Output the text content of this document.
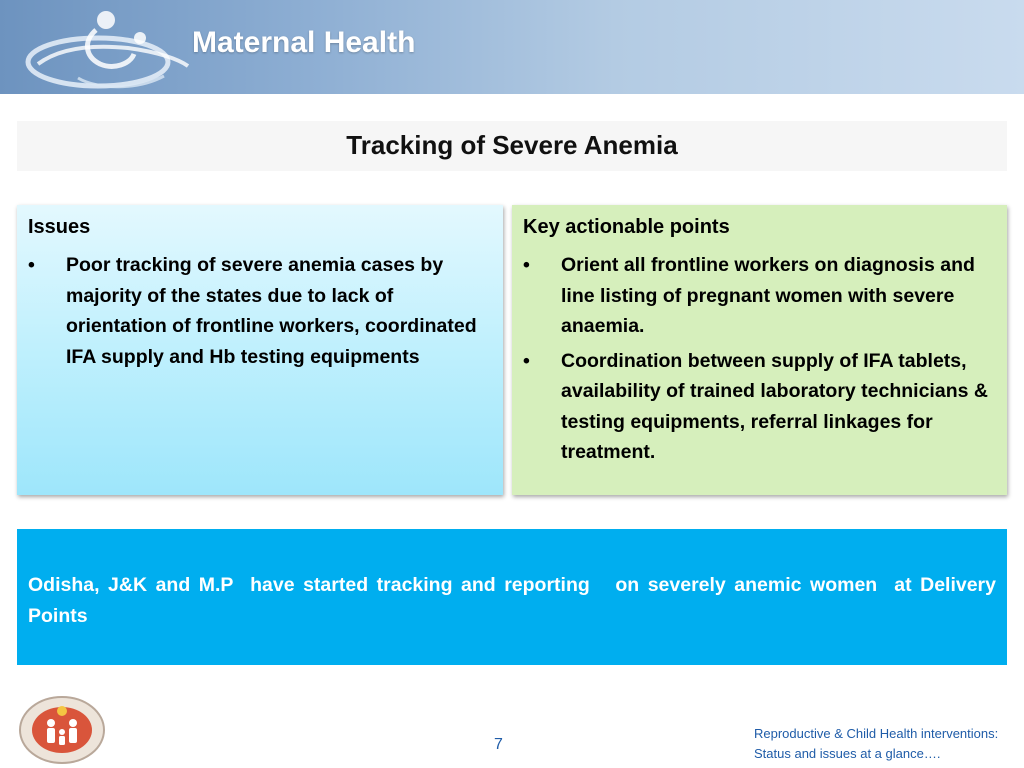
Maternal Health
Tracking of Severe Anemia
Issues
• Poor tracking of severe anemia cases by majority of the states due to lack of orientation of frontline workers, coordinated IFA supply and Hb testing equipments
Key actionable points
• Orient all frontline workers on diagnosis and line listing of pregnant women with severe anaemia.
• Coordination between supply of IFA tablets, availability of trained laboratory technicians & testing equipments, referral linkages for treatment.
Odisha, J&K and M.P  have started tracking and reporting   on severely anemic women  at Delivery Points
7
Reproductive & Child Health interventions:
Status and issues at a glance….
